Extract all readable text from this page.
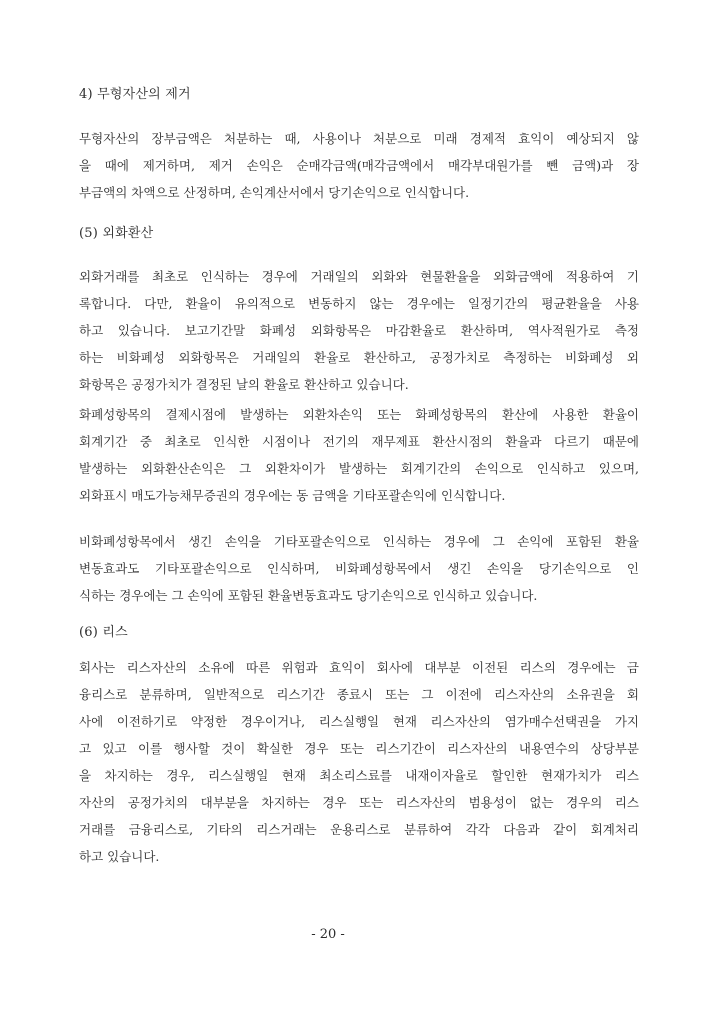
4) 무형자산의 제거
무형자산의 장부금액은 처분하는 때, 사용이나 처분으로 미래 경제적 효익이 예상되지 않
을 때에 제거하며, 제거 손익은 순매각금액(매각금액에서 매각부대원가를 뺀 금액)과 장
부금액의 차액으로 산정하며, 손익계산서에서 당기손익으로 인식합니다.
(5) 외화환산
외화거래를 최초로 인식하는 경우에 거래일의 외화와 현물환율을 외화금액에 적용하여 기
록합니다. 다만, 환율이 유의적으로 변동하지 않는 경우에는 일정기간의 평균환율을 사용
하고 있습니다. 보고기간말 화폐성 외화항목은 마감환율로 환산하며, 역사적원가로 측정
하는 비화폐성 외화항목은 거래일의 환율로 환산하고, 공정가치로 측정하는 비화폐성 외
화항목은 공정가치가 결정된 날의 환율로 환산하고 있습니다.
화폐성항목의 결제시점에 발생하는 외환차손익 또는 화폐성항목의 환산에 사용한 환율이
회계기간 중 최초로 인식한 시점이나 전기의 재무제표 환산시점의 환율과 다르기 때문에
발생하는 외화환산손익은 그 외환차이가 발생하는 회계기간의 손익으로 인식하고 있으며,
외화표시 매도가능채무증권의 경우에는 동 금액을 기타포괄손익에 인식합니다.
비화폐성항목에서 생긴 손익을 기타포괄손익으로 인식하는 경우에 그 손익에 포함된 환율
변동효과도 기타포괄손익으로 인식하며, 비화폐성항목에서 생긴 손익을 당기손익으로 인
식하는 경우에는 그 손익에 포함된 환율변동효과도 당기손익으로 인식하고 있습니다.
(6) 리스
회사는 리스자산의 소유에 따른 위험과 효익이 회사에 대부분 이전된 리스의 경우에는 금
융리스로 분류하며, 일반적으로 리스기간 종료시 또는 그 이전에 리스자산의 소유권을 회
사에 이전하기로 약정한 경우이거나, 리스실행일 현재 리스자산의 염가매수선택권을 가지
고 있고 이를 행사할 것이 확실한 경우 또는 리스기간이 리스자산의 내용연수의 상당부분
을 차지하는 경우, 리스실행일 현재 최소리스료를 내재이자율로 할인한 현재가치가 리스
자산의 공정가치의 대부분을 차지하는 경우 또는 리스자산의 범용성이 없는 경우의 리스
거래를 금융리스로, 기타의 리스거래는 운용리스로 분류하여 각각 다음과 같이 회계처리
하고 있습니다.
- 20 -
